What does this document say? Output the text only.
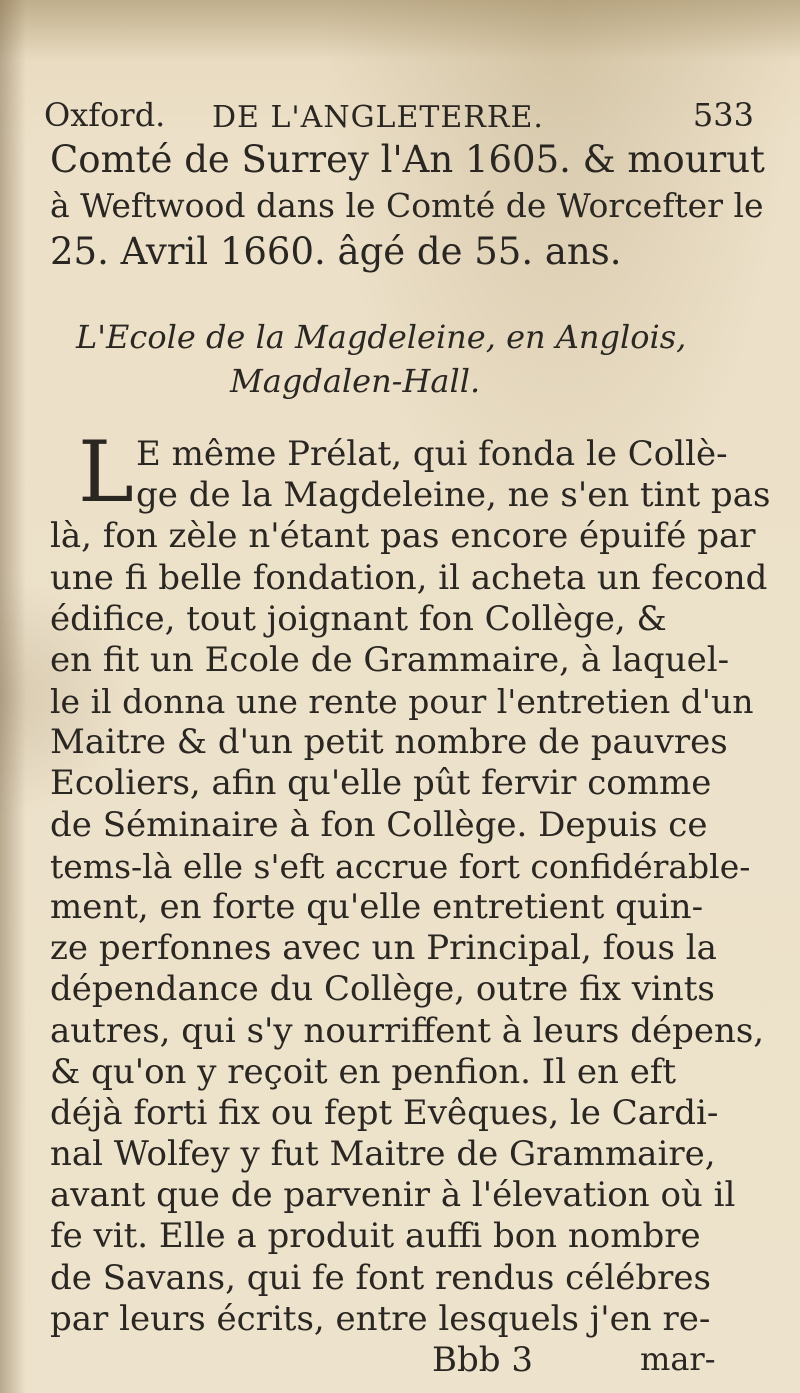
Oxford. DE L'ANGLETERRE.	533
Comté de Surrey l'An 1605. & mourut
à Weftwood dans le Comté de Worcefter le
25. Avril 1660. âgé de 55. ans.
L'Ecole de la Magdeleine, en Anglois,
Magdalen-Hall.
L E même Prélat, qui fonda le Collè-
ge de la Magdeleine, ne s'en tint pas
là, fon zèle n'étant pas encore épuifé par
une fi belle fondation, il acheta un fecond
édifice, tout joignant fon Collège, &
en fit un Ecole de Grammaire, à laquel-
le il donna une rente pour l'entretien d'un
Maitre & d'un petit nombre de pauvres
Ecoliers, afin qu'elle pût fervir comme
de Séminaire à fon Collège. Depuis ce
tems-là elle s'eft accrue fort confidérable-
ment, en forte qu'elle entretient quin-
ze perfonnes avec un Principal, fous la
dépendance du Collège, outre fix vints
autres, qui s'y nourriffent à leurs dépens,
& qu'on y reçoit en penfion. Il en eft
déjà forti fix ou fept Evêques, le Cardi-
nal Wolfey y fut Maitre de Grammaire,
avant que de parvenir à l'élevation où il
fe vit. Elle a produit auffi bon nombre
de Savans, qui fe font rendus célébres
par leurs écrits, entre lesquels j'en re-
Bbb 3	mar-
